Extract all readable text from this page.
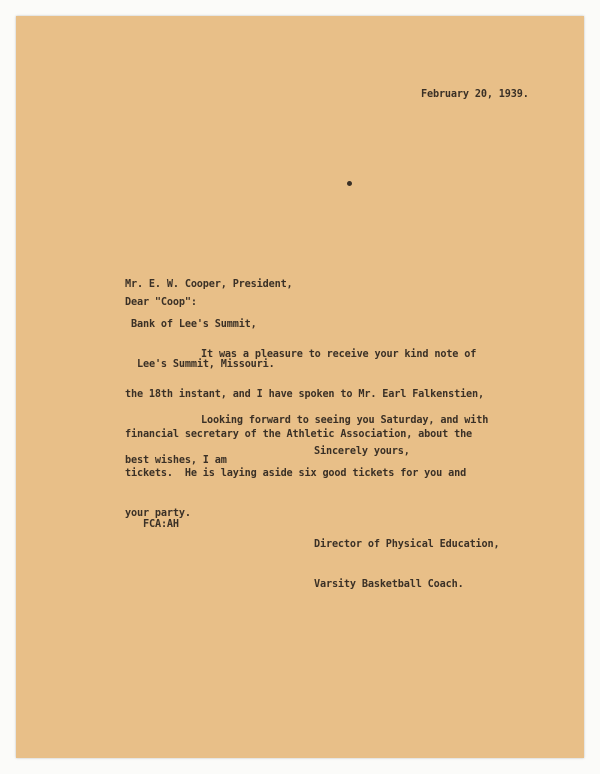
February 20, 1939.

Mr. E. W. Cooper, President,

Bank of Lee's Summit,

Lee's Summit, Missouri.

Dear "Coop":

It was a pleasure to receive your kind note of

the 18th instant, and I have spoken to Mr. Earl Falkenstien,

financial secretary of the Athletic Association, about the

tickets.  He is laying aside six good tickets for you and

your party.

Looking forward to seeing you Saturday, and with

best wishes, I am

Sincerely yours,
FCA:AH

Director of Physical Education,

Varsity Basketball Coach.
